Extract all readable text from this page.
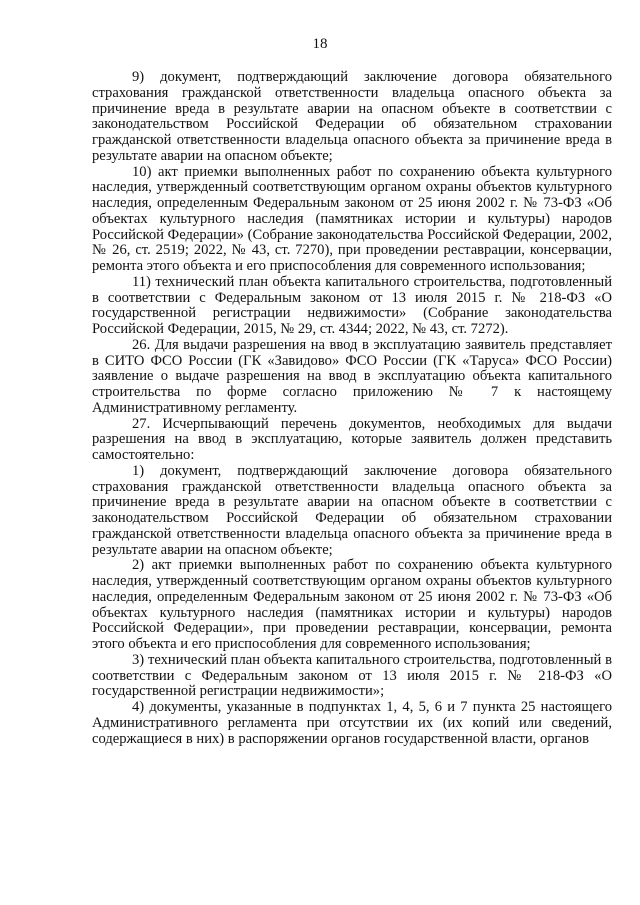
18

9) документ, подтверждающий заключение договора обязательного страхования гражданской ответственности владельца опасного объекта за причинение вреда в результате аварии на опасном объекте в соответствии с законодательством Российской Федерации об обязательном страховании гражданской ответственности владельца опасного объекта за причинение вреда в результате аварии на опасном объекте;

10) акт приемки выполненных работ по сохранению объекта культурного наследия, утвержденный соответствующим органом охраны объектов культурного наследия, определенным Федеральным законом от 25 июня 2002 г. № 73-ФЗ «Об объектах культурного наследия (памятниках истории и культуры) народов Российской Федерации» (Собрание законодательства Российской Федерации, 2002, № 26, ст. 2519; 2022, № 43, ст. 7270), при проведении реставрации, консервации, ремонта этого объекта и его приспособления для современного использования;

11) технический план объекта капитального строительства, подготовленный в соответствии с Федеральным законом от 13 июля 2015 г. № 218-ФЗ «О государственной регистрации недвижимости» (Собрание законодательства Российской Федерации, 2015, № 29, ст. 4344; 2022, № 43, ст. 7272).

26. Для выдачи разрешения на ввод в эксплуатацию заявитель представляет в СИТО ФСО России (ГК «Завидово» ФСО России (ГК «Таруса» ФСО России) заявление о выдаче разрешения на ввод в эксплуатацию объекта капитального строительства по форме согласно приложению № 7 к настоящему Административному регламенту.

27. Исчерпывающий перечень документов, необходимых для выдачи разрешения на ввод в эксплуатацию, которые заявитель должен представить самостоятельно:

1) документ, подтверждающий заключение договора обязательного страхования гражданской ответственности владельца опасного объекта за причинение вреда в результате аварии на опасном объекте в соответствии с законодательством Российской Федерации об обязательном страховании гражданской ответственности владельца опасного объекта за причинение вреда в результате аварии на опасном объекте;

2) акт приемки выполненных работ по сохранению объекта культурного наследия, утвержденный соответствующим органом охраны объектов культурного наследия, определенным Федеральным законом от 25 июня 2002 г. № 73-ФЗ «Об объектах культурного наследия (памятниках истории и культуры) народов Российской Федерации», при проведении реставрации, консервации, ремонта этого объекта и его приспособления для современного использования;

3) технический план объекта капитального строительства, подготовленный в соответствии с Федеральным законом от 13 июля 2015 г. № 218-ФЗ «О государственной регистрации недвижимости»;

4) документы, указанные в подпунктах 1, 4, 5, 6 и 7 пункта 25 настоящего Административного регламента при отсутствии их (их копий или сведений, содержащиеся в них) в распоряжении органов государственной власти, органов
